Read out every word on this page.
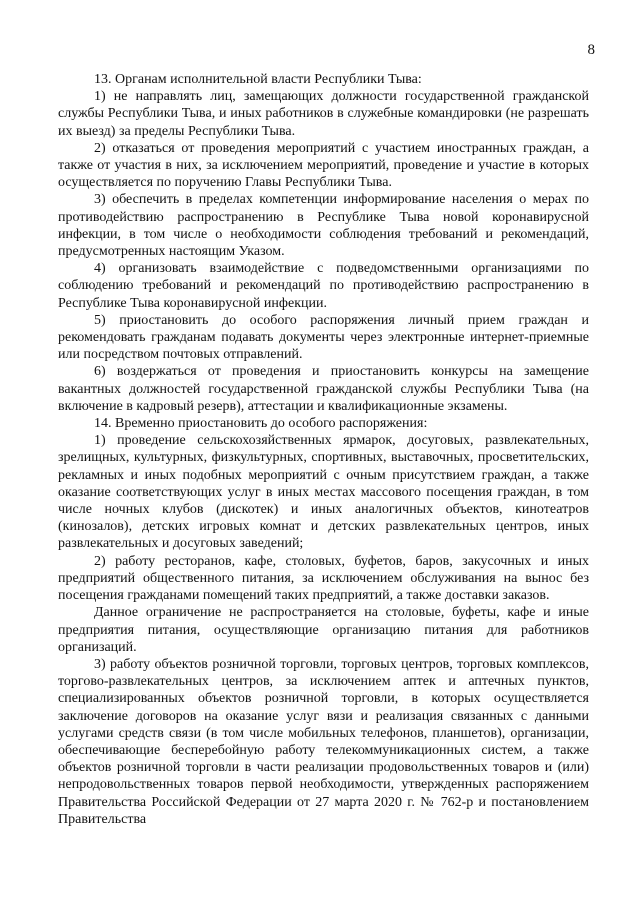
8

13. Органам исполнительной власти Республики Тыва:

1) не направлять лиц, замещающих должности государственной гражданской службы Республики Тыва, и иных работников в служебные командировки (не разрешать их выезд) за пределы Республики Тыва.

2) отказаться от проведения мероприятий с участием иностранных граждан, а также от участия в них, за исключением мероприятий, проведение и участие в которых осуществляется по поручению Главы Республики Тыва.

3) обеспечить в пределах компетенции информирование населения о мерах по противодействию распространению в Республике Тыва новой коронавирусной инфекции, в том числе о необходимости соблюдения требований и рекомендаций, предусмотренных настоящим Указом.

4) организовать взаимодействие с подведомственными организациями по соблюдению требований и рекомендаций по противодействию распространению в Республике Тыва коронавирусной инфекции.

5) приостановить до особого распоряжения личный прием граждан и рекомендовать гражданам подавать документы через электронные интернет-приемные или посредством почтовых отправлений.

6) воздержаться от проведения и приостановить конкурсы на замещение вакантных должностей государственной гражданской службы Республики Тыва (на включение в кадровый резерв), аттестации и квалификационные экзамены.

14. Временно приостановить до особого распоряжения:

1) проведение сельскохозяйственных ярмарок, досуговых, развлекательных, зрелищных, культурных, физкультурных, спортивных, выставочных, просветительских, рекламных и иных подобных мероприятий с очным присутствием граждан, а также оказание соответствующих услуг в иных местах массового посещения граждан, в том числе ночных клубов (дискотек) и иных аналогичных объектов, кинотеатров (кинозалов), детских игровых комнат и детских развлекательных центров, иных развлекательных и досуговых заведений;

2) работу ресторанов, кафе, столовых, буфетов, баров, закусочных и иных предприятий общественного питания, за исключением обслуживания на вынос без посещения гражданами помещений таких предприятий, а также доставки заказов.

Данное ограничение не распространяется на столовые, буфеты, кафе и иные предприятия питания, осуществляющие организацию питания для работников организаций.

3) работу объектов розничной торговли, торговых центров, торговых комплексов, торгово-развлекательных центров, за исключением аптек и аптечных пунктов, специализированных объектов розничной торговли, в которых осуществляется заключение договоров на оказание услуг вязи и реализация связанных с данными услугами средств связи (в том числе мобильных телефонов, планшетов), организации, обеспечивающие бесперебойную работу телекоммуникационных систем, а также объектов розничной торговли в части реализации продовольственных товаров и (или) непродовольственных товаров первой необходимости, утвержденных распоряжением Правительства Российской Федерации от 27 марта 2020 г. № 762-р и постановлением Правительства
